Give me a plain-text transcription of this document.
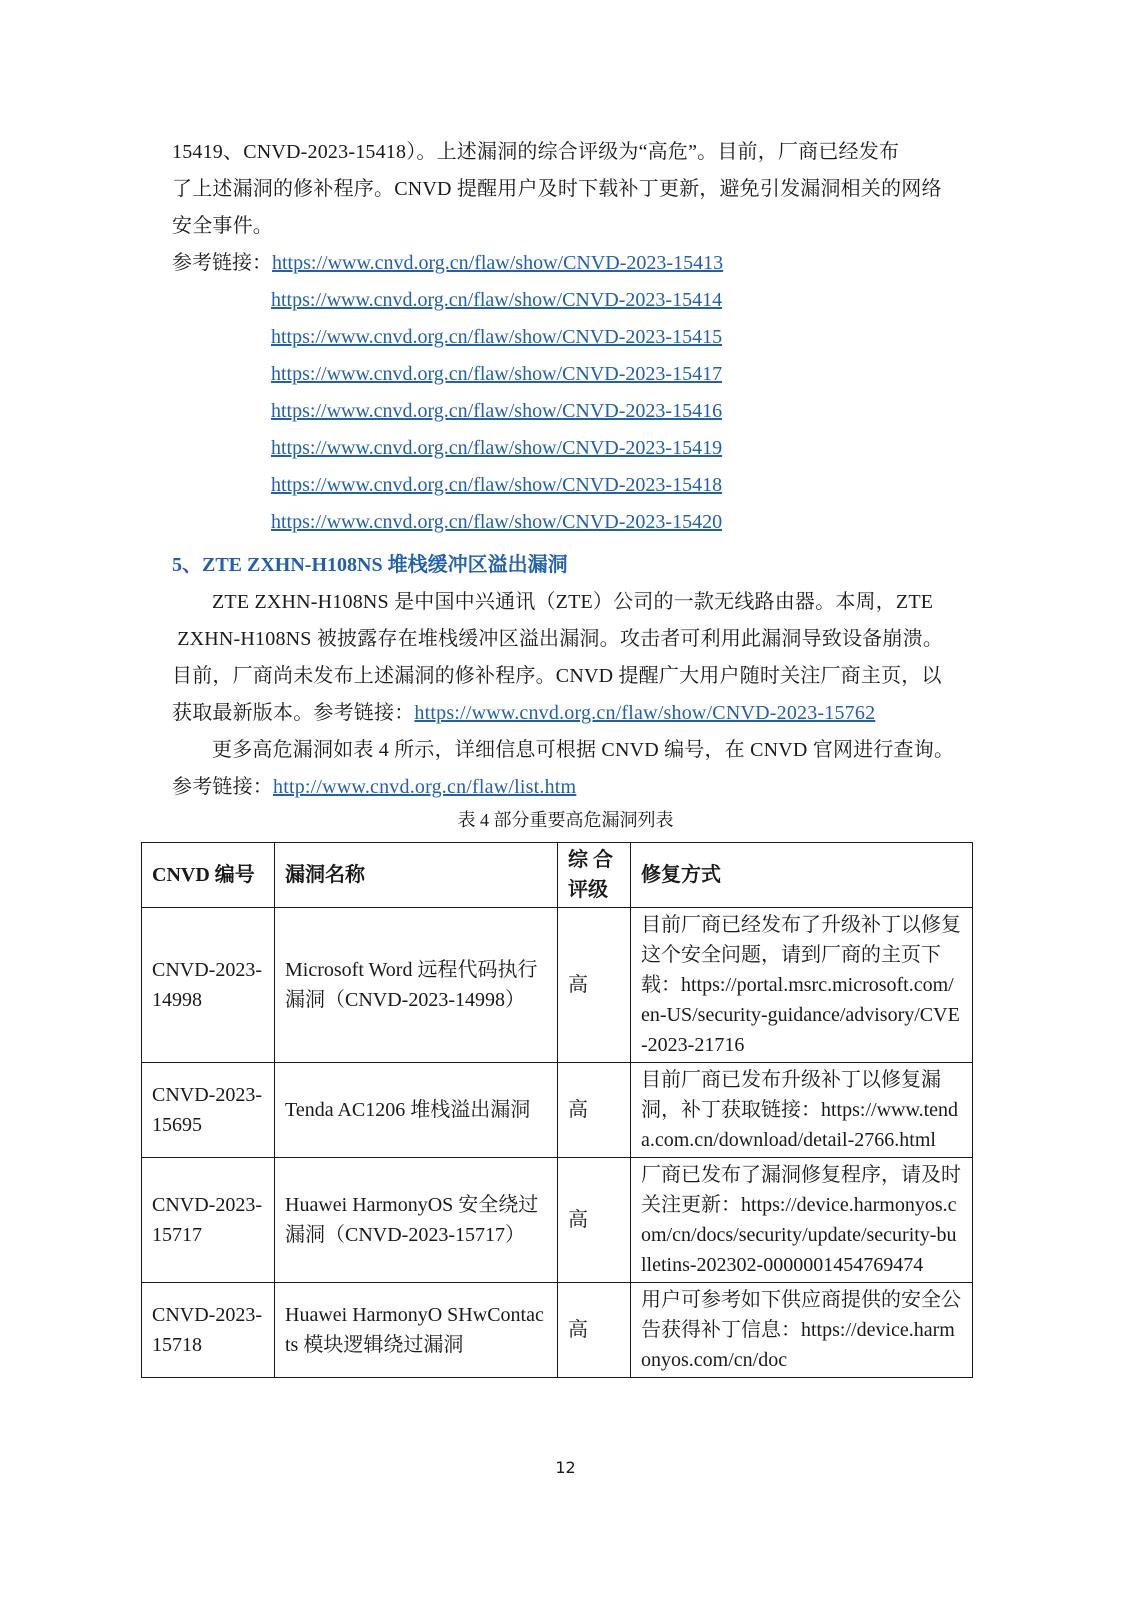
15419、CNVD-2023-15418）。上述漏洞的综合评级为“高危”。目前，厂商已经发布
了上述漏洞的修补程序。CNVD 提醒用户及时下载补丁更新，避免引发漏洞相关的网络
安全事件。
参考链接：https://www.cnvd.org.cn/flaw/show/CNVD-2023-15413
https://www.cnvd.org.cn/flaw/show/CNVD-2023-15414
https://www.cnvd.org.cn/flaw/show/CNVD-2023-15415
https://www.cnvd.org.cn/flaw/show/CNVD-2023-15417
https://www.cnvd.org.cn/flaw/show/CNVD-2023-15416
https://www.cnvd.org.cn/flaw/show/CNVD-2023-15419
https://www.cnvd.org.cn/flaw/show/CNVD-2023-15418
https://www.cnvd.org.cn/flaw/show/CNVD-2023-15420
5、ZTE ZXHN-H108NS 堆栈缓冲区溢出漏洞
ZTE ZXHN-H108NS 是中国中兴通讯（ZTE）公司的一款无线路由器。本周，ZTE
ZXHN-H108NS 被披露存在堆栈缓冲区溢出漏洞。攻击者可利用此漏洞导致设备崩溃。
目前，厂商尚未发布上述漏洞的修补程序。CNVD 提醒广大用户随时关注厂商主页，以
获取最新版本。参考链接：https://www.cnvd.org.cn/flaw/show/CNVD-2023-15762
更多高危漏洞如表 4 所示，详细信息可根据 CNVD 编号，在 CNVD 官网进行查询。
参考链接：http://www.cnvd.org.cn/flaw/list.htm
表 4 部分重要高危漏洞列表
CNVD 编号	漏洞名称	综 合 评级	修复方式
CNVD-2023-14998	Microsoft Word 远程代码执行漏洞（CNVD-2023-14998）	高	目前厂商已经发布了升级补丁以修复这个安全问题，请到厂商的主页下载：https://portal.msrc.microsoft.com/en-US/security-guidance/advisory/CVE-2023-21716
CNVD-2023-15695	Tenda AC1206 堆栈溢出漏洞	高	目前厂商已发布升级补丁以修复漏洞，补丁获取链接：https://www.tenda.com.cn/download/detail-2766.html
CNVD-2023-15717	Huawei HarmonyOS 安全绕过漏洞（CNVD-2023-15717）	高	厂商已发布了漏洞修复程序，请及时关注更新：https://device.harmonyos.com/cn/docs/security/update/security-bulletins-202302-0000001454769474
CNVD-2023-15718	Huawei HarmonyO SHwContacts 模块逻辑绕过漏洞	高	用户可参考如下供应商提供的安全公告获得补丁信息：https://device.harmonyos.com/cn/doc
12
